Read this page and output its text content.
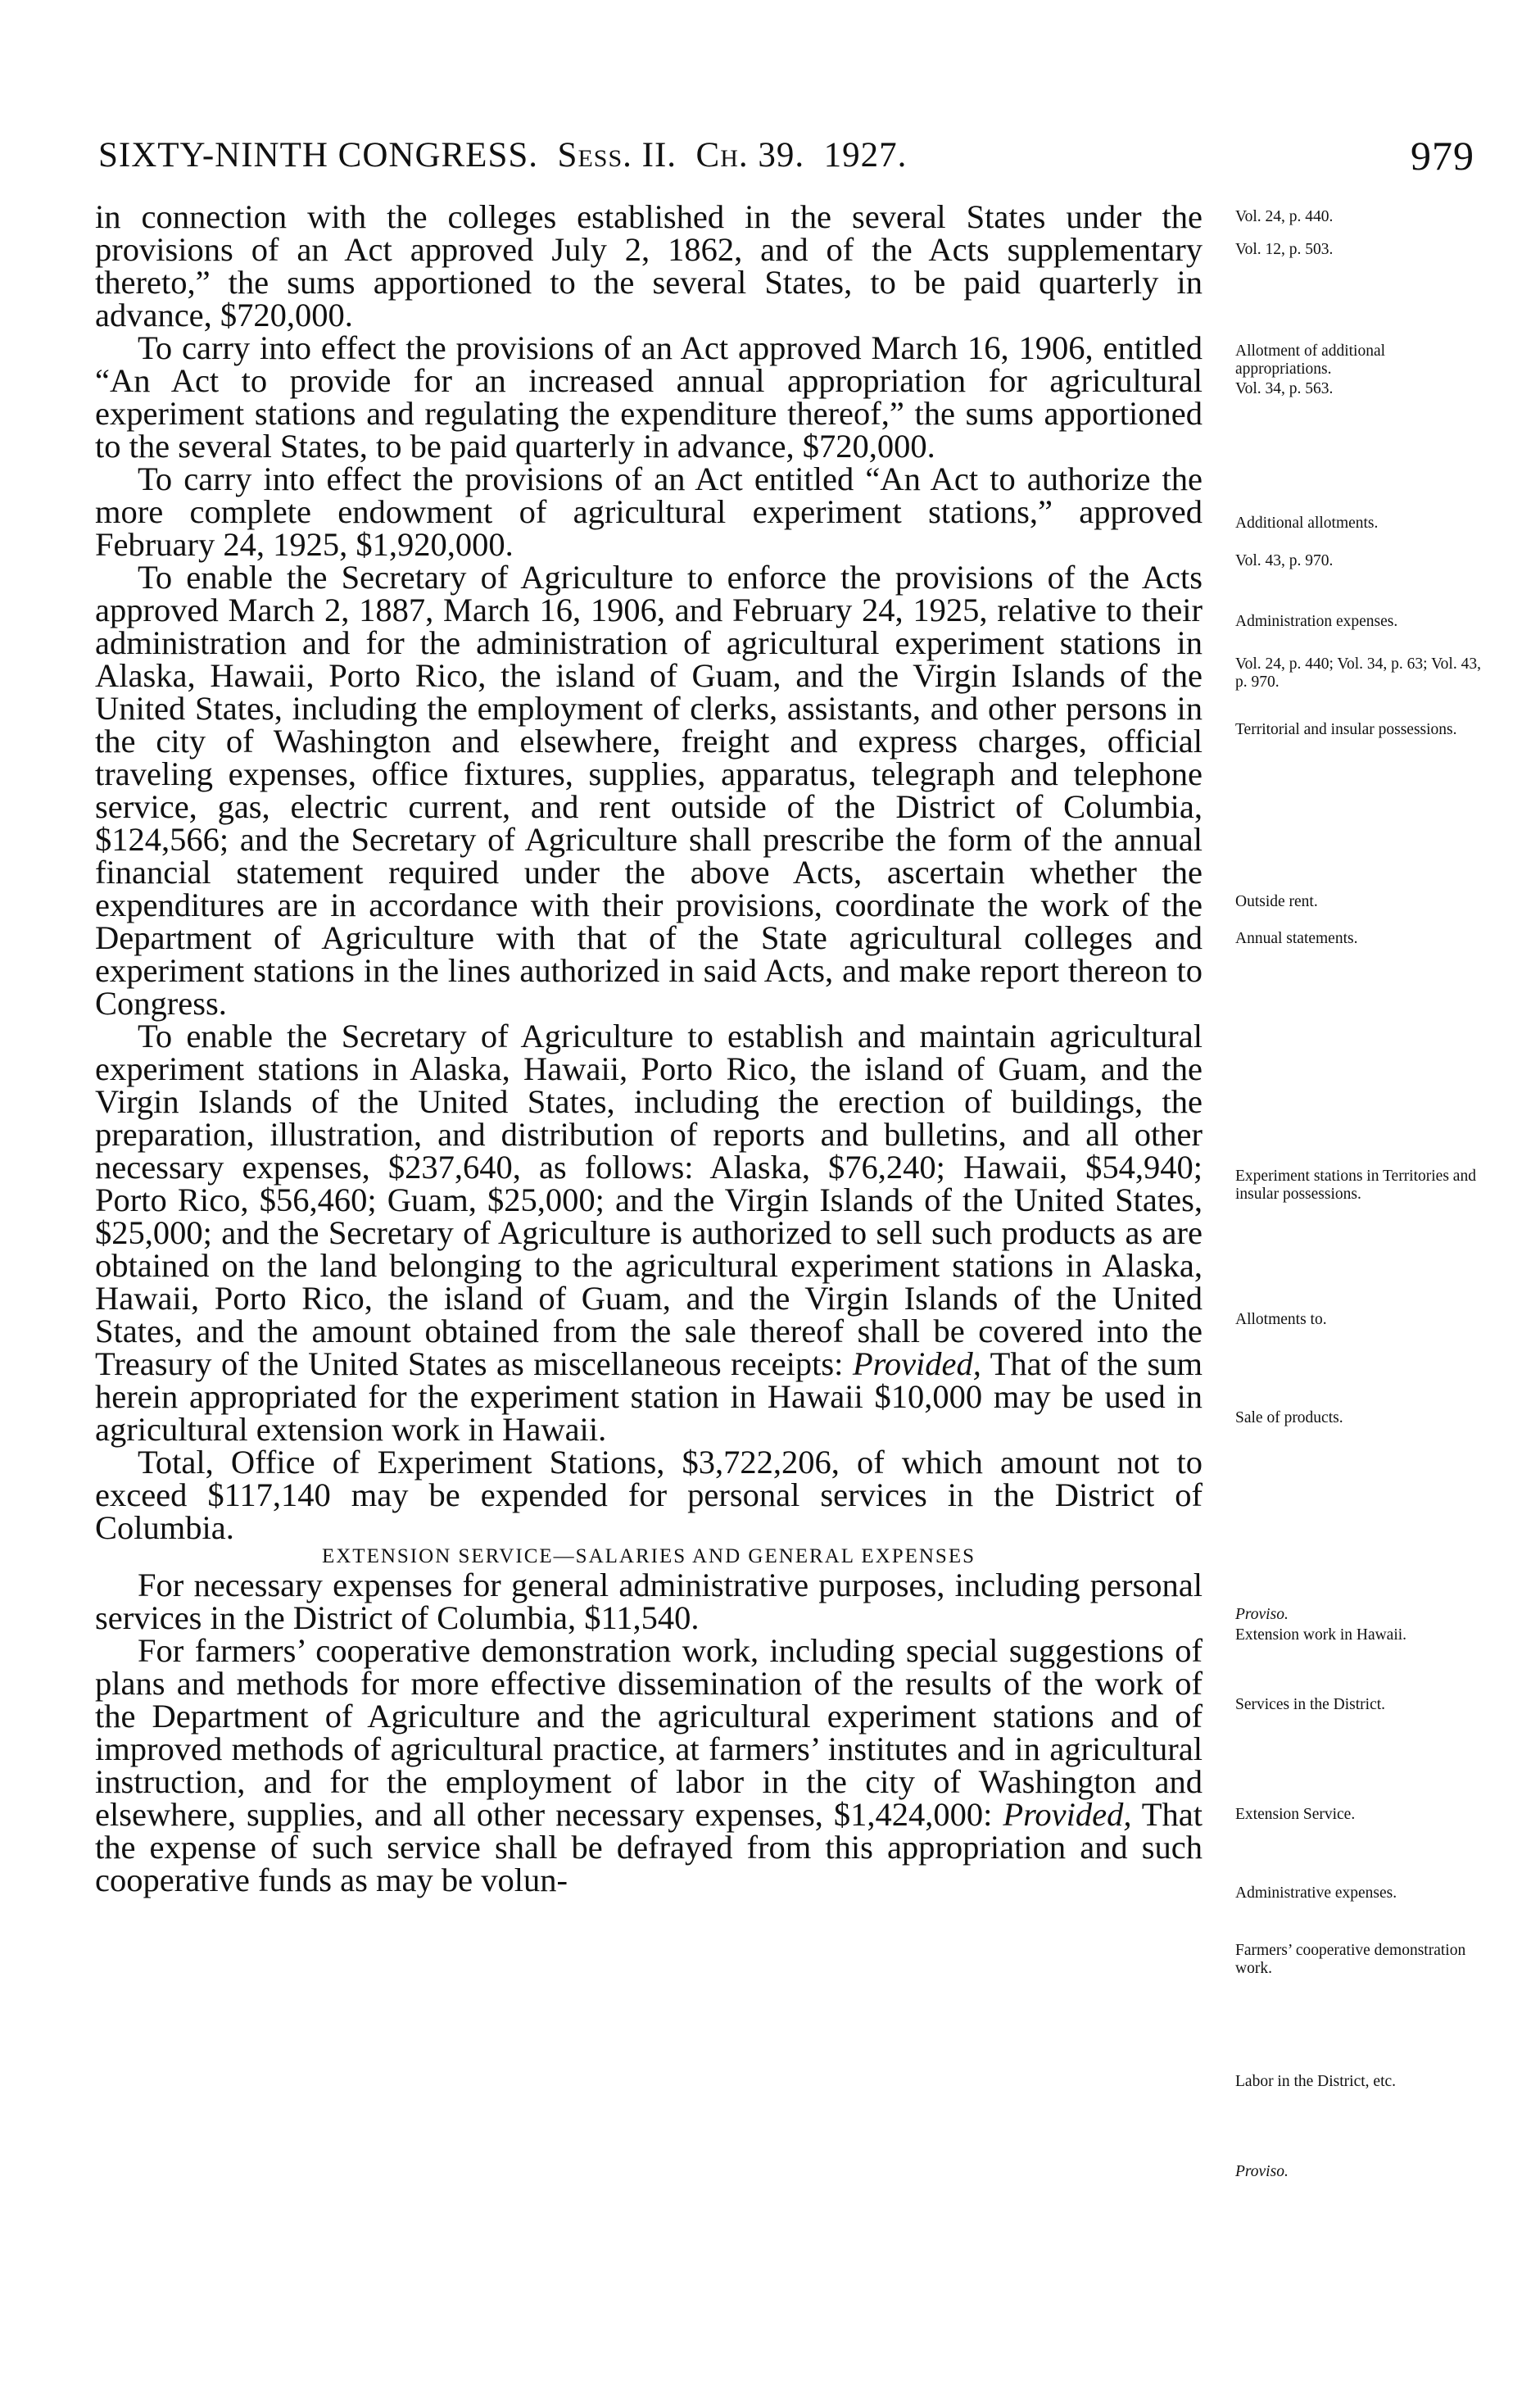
SIXTY-NINTH CONGRESS. Sess. II. Ch. 39. 1927.	979

in connection with the colleges established in the several States under the provisions of an Act approved July 2, 1862, and of the Acts supplementary thereto,” the sums apportioned to the several States, to be paid quarterly in advance, $720,000.

To carry into effect the provisions of an Act approved March 16, 1906, entitled “An Act to provide for an increased annual appropriation for agricultural experiment stations and regulating the expenditure thereof,” the sums apportioned to the several States, to be paid quarterly in advance, $720,000.

To carry into effect the provisions of an Act entitled “An Act to authorize the more complete endowment of agricultural experiment stations,” approved February 24, 1925, $1,920,000.

To enable the Secretary of Agriculture to enforce the provisions of the Acts approved March 2, 1887, March 16, 1906, and February 24, 1925, relative to their administration and for the administration of agricultural experiment stations in Alaska, Hawaii, Porto Rico, the island of Guam, and the Virgin Islands of the United States, including the employment of clerks, assistants, and other persons in the city of Washington and elsewhere, freight and express charges, official traveling expenses, office fixtures, supplies, apparatus, telegraph and telephone service, gas, electric current, and rent outside of the District of Columbia, $124,566; and the Secretary of Agriculture shall prescribe the form of the annual financial statement required under the above Acts, ascertain whether the expenditures are in accordance with their provisions, coordinate the work of the Department of Agriculture with that of the State agricultural colleges and experiment stations in the lines authorized in said Acts, and make report thereon to Congress.

To enable the Secretary of Agriculture to establish and maintain agricultural experiment stations in Alaska, Hawaii, Porto Rico, the island of Guam, and the Virgin Islands of the United States, including the erection of buildings, the preparation, illustration, and distribution of reports and bulletins, and all other necessary expenses, $237,640, as follows: Alaska, $76,240; Hawaii, $54,940; Porto Rico, $56,460; Guam, $25,000; and the Virgin Islands of the United States, $25,000; and the Secretary of Agriculture is authorized to sell such products as are obtained on the land belonging to the agricultural experiment stations in Alaska, Hawaii, Porto Rico, the island of Guam, and the Virgin Islands of the United States, and the amount obtained from the sale thereof shall be covered into the Treasury of the United States as miscellaneous receipts: Provided, That of the sum herein appropriated for the experiment station in Hawaii $10,000 may be used in agricultural extension work in Hawaii.

Total, Office of Experiment Stations, $3,722,206, of which amount not to exceed $117,140 may be expended for personal services in the District of Columbia.

EXTENSION SERVICE—SALARIES AND GENERAL EXPENSES

For necessary expenses for general administrative purposes, including personal services in the District of Columbia, $11,540.

For farmers’ cooperative demonstration work, including special suggestions of plans and methods for more effective dissemination of the results of the work of the Department of Agriculture and the agricultural experiment stations and of improved methods of agricultural practice, at farmers’ institutes and in agricultural instruction, and for the employment of labor in the city of Washington and elsewhere, supplies, and all other necessary expenses, $1,424,000: Provided, That the expense of such service shall be defrayed from this appropriation and such cooperative funds as may be volun-

Vol. 24, p. 440.
Vol. 12, p. 503.
Allotment of additional appropriations.
Vol. 34, p. 563.
Additional allotments.
Vol. 43, p. 970.
Administration expenses.
Vol. 24, p. 440; Vol. 34, p. 63; Vol. 43, p. 970.
Territorial and insular possessions.
Outside rent.
Annual statements.
Experiment stations in Territories and insular possessions.
Allotments to.
Sale of products.
Proviso.
Extension work in Hawaii.
Services in the District.
Extension Service.
Administrative expenses.
Farmers’ cooperative demonstration work.
Labor in the District, etc.
Proviso.
